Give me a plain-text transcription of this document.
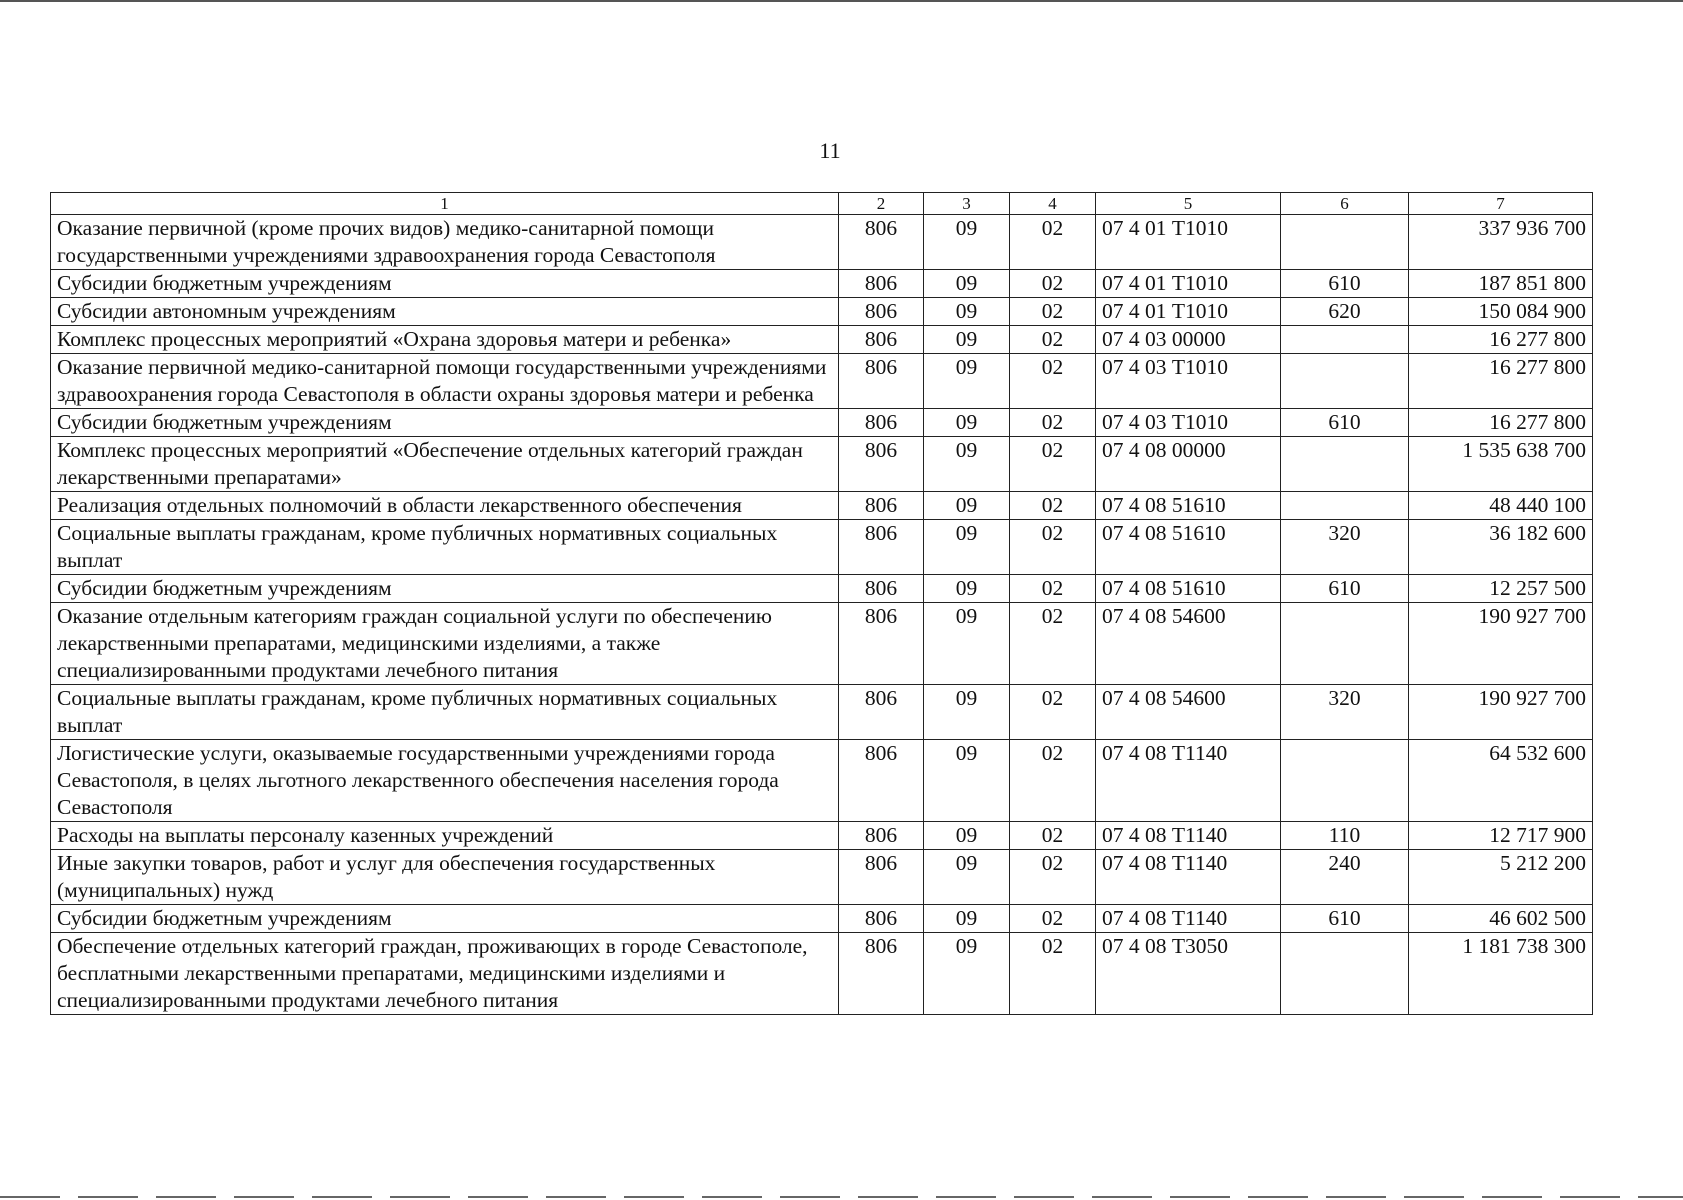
11
1	2	3	4	5	6	7
Оказание первичной (кроме прочих видов) медико-санитарной помощи государственными учреждениями здравоохранения города Севастополя	806	09	02	07 4 01 Т1010		337 936 700
Субсидии бюджетным учреждениям	806	09	02	07 4 01 Т1010	610	187 851 800
Субсидии автономным учреждениям	806	09	02	07 4 01 Т1010	620	150 084 900
Комплекс процессных мероприятий «Охрана здоровья матери и ребенка»	806	09	02	07 4 03 00000		16 277 800
Оказание первичной медико-санитарной помощи государственными учреждениями здравоохранения города Севастополя в области охраны здоровья матери и ребенка	806	09	02	07 4 03 Т1010		16 277 800
Субсидии бюджетным учреждениям	806	09	02	07 4 03 Т1010	610	16 277 800
Комплекс процессных мероприятий «Обеспечение отдельных категорий граждан лекарственными препаратами»	806	09	02	07 4 08 00000		1 535 638 700
Реализация отдельных полномочий в области лекарственного обеспечения	806	09	02	07 4 08 51610		48 440 100
Социальные выплаты гражданам, кроме публичных нормативных социальных выплат	806	09	02	07 4 08 51610	320	36 182 600
Субсидии бюджетным учреждениям	806	09	02	07 4 08 51610	610	12 257 500
Оказание отдельным категориям граждан социальной услуги по обеспечению лекарственными препаратами, медицинскими изделиями, а также специализированными продуктами лечебного питания	806	09	02	07 4 08 54600		190 927 700
Социальные выплаты гражданам, кроме публичных нормативных социальных выплат	806	09	02	07 4 08 54600	320	190 927 700
Логистические услуги, оказываемые государственными учреждениями города Севастополя, в целях льготного лекарственного обеспечения населения города Севастополя	806	09	02	07 4 08 Т1140		64 532 600
Расходы на выплаты персоналу казенных учреждений	806	09	02	07 4 08 Т1140	110	12 717 900
Иные закупки товаров, работ и услуг для обеспечения государственных (муниципальных) нужд	806	09	02	07 4 08 Т1140	240	5 212 200
Субсидии бюджетным учреждениям	806	09	02	07 4 08 Т1140	610	46 602 500
Обеспечение отдельных категорий граждан, проживающих в городе Севастополе, бесплатными лекарственными препаратами, медицинскими изделиями и специализированными продуктами лечебного питания	806	09	02	07 4 08 Т3050		1 181 738 300
